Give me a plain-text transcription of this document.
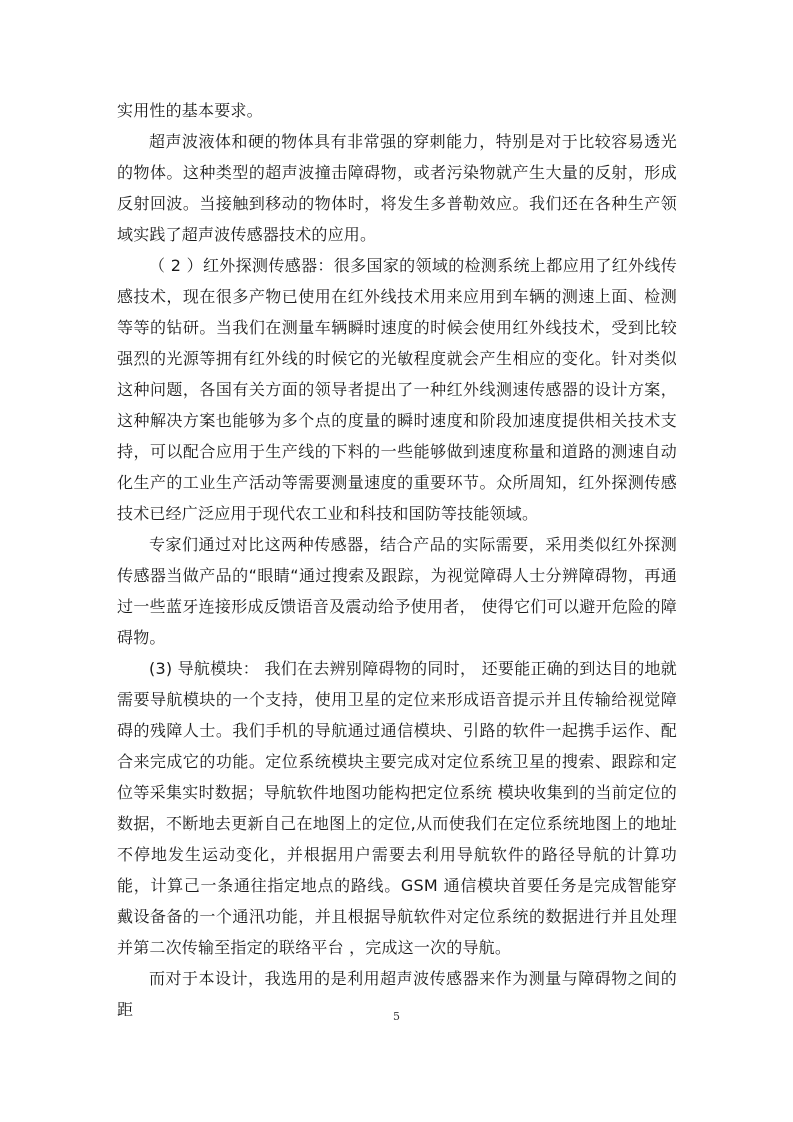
实用性的基本要求。

超声波液体和硬的物体具有非常强的穿刺能力，特别是对于比较容易透光的物体。这种类型的超声波撞击障碍物，或者污染物就产生大量的反射，形成反射回波。当接触到移动的物体时，将发生多普勒效应。我们还在各种生产领域实践了超声波传感器技术的应用。

（ 2 ）红外探测传感器：很多国家的领域的检测系统上都应用了红外线传感技术，现在很多产物已使用在红外线技术用来应用到车辆的测速上面、检测等等的钻研。当我们在测量车辆瞬时速度的时候会使用红外线技术，受到比较强烈的光源等拥有红外线的时候它的光敏程度就会产生相应的变化。针对类似这种问题，各国有关方面的领导者提出了一种红外线测速传感器的设计方案，这种解决方案也能够为多个点的度量的瞬时速度和阶段加速度提供相关技术支持，可以配合应用于生产线的下料的一些能够做到速度称量和道路的测速自动化生产的工业生产活动等需要测量速度的重要环节。众所周知，红外探测传感技术已经广泛应用于现代农工业和科技和国防等技能领域。

专家们通过对比这两种传感器，结合产品的实际需要，采用类似红外探测传感器当做产品的“眼睛“通过搜索及跟踪，为视觉障碍人士分辨障碍物，再通过一些蓝牙连接形成反馈语音及震动给予使用者， 使得它们可以避开危险的障碍物。

(3) 导航模块： 我们在去辨别障碍物的同时， 还要能正确的到达目的地就需要导航模块的一个支持，使用卫星的定位来形成语音提示并且传输给视觉障碍的残障人士。我们手机的导航通过通信模块、引路的软件一起携手运作、配合来完成它的功能。定位系统模块主要完成对定位系统卫星的搜索、跟踪和定位等采集实时数据；导航软件地图功能构把定位系统 模块收集到的当前定位的数据，不断地去更新自己在地图上的定位,从而使我们在定位系统地图上的地址不停地发生运动变化，并根据用户需要去利用导航软件的路径导航的计算功能，计算己一条通往指定地点的路线。GSM 通信模块首要任务是完成智能穿戴设备备的一个通汛功能，并且根据导航软件对定位系统的数据进行并且处理并第二次传输至指定的联络平台 ，完成这一次的导航。

而对于本设计，我选用的是利用超声波传感器来作为测量与障碍物之间的距	5
